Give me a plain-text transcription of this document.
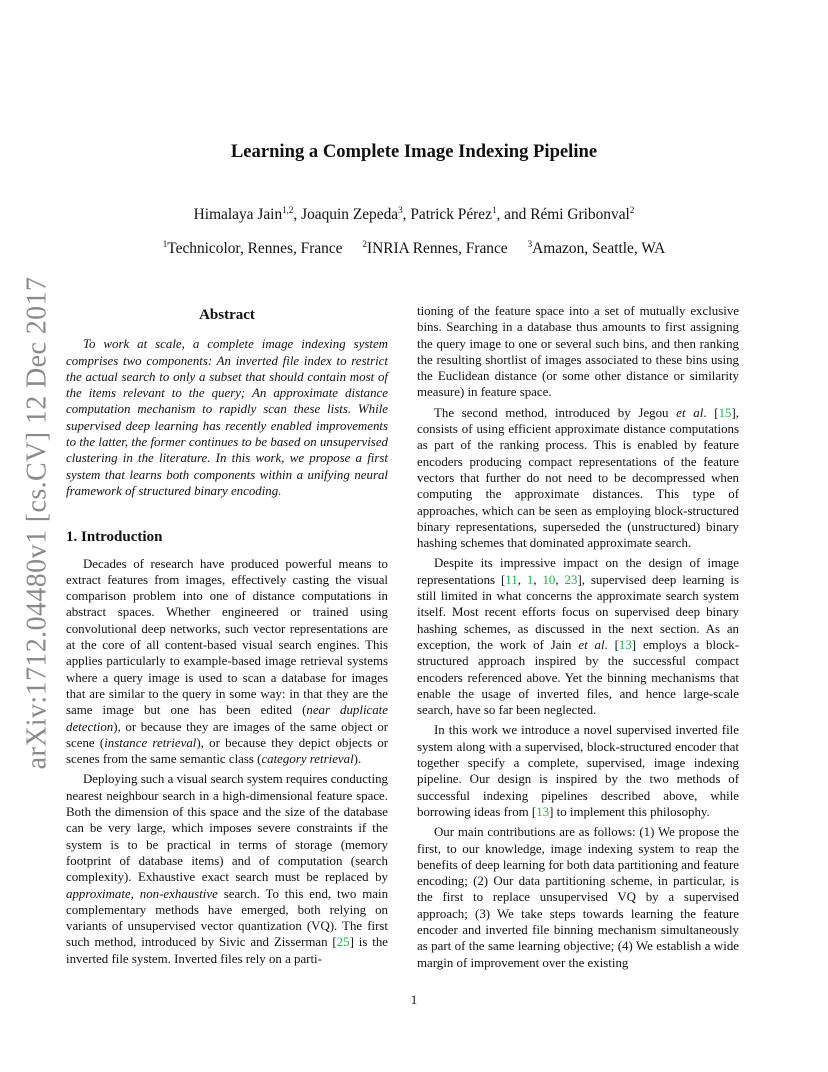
arXiv:1712.04480v1 [cs.CV] 12 Dec 2017
Learning a Complete Image Indexing Pipeline
Himalaya Jain$^{1,2}$, Joaquin Zepeda$^3$, Patrick Pérez$^1$, and Rémi Gribonval$^2$
$^1$Technicolor, Rennes, France $^2$INRIA Rennes, France $^3$Amazon, Seattle, WA
Abstract

To work at scale, a complete image indexing system comprises two components: An inverted file index to restrict the actual search to only a subset that should contain most of the items relevant to the query; An approximate distance computation mechanism to rapidly scan these lists. While supervised deep learning has recently enabled improvements to the latter, the former continues to be based on unsupervised clustering in the literature. In this work, we propose a first system that learns both components within a unifying neural framework of structured binary encoding.

1. Introduction

Decades of research have produced powerful means to extract features from images, effectively casting the visual comparison problem into one of distance computations in abstract spaces. Whether engineered or trained using convolutional deep networks, such vector representations are at the core of all content-based visual search engines. This applies particularly to example-based image retrieval systems where a query image is used to scan a database for images that are similar to the query in some way: in that they are the same image but one has been edited (near duplicate detection), or because they are images of the same object or scene (instance retrieval), or because they depict objects or scenes from the same semantic class (category retrieval).

Deploying such a visual search system requires conducting nearest neighbour search in a high-dimensional feature space. Both the dimension of this space and the size of the database can be very large, which imposes severe constraints if the system is to be practical in terms of storage (memory footprint of database items) and of computation (search complexity). Exhaustive exact search must be replaced by approximate, non-exhaustive search. To this end, two main complementary methods have emerged, both relying on variants of unsupervised vector quantization (VQ). The first such method, introduced by Sivic and Zisserman [25] is the inverted file system. Inverted files rely on a parti-

tioning of the feature space into a set of mutually exclusive bins. Searching in a database thus amounts to first assigning the query image to one or several such bins, and then ranking the resulting shortlist of images associated to these bins using the Euclidean distance (or some other distance or similarity measure) in feature space.

The second method, introduced by Jegou et al. [15], consists of using efficient approximate distance computations as part of the ranking process. This is enabled by feature encoders producing compact representations of the feature vectors that further do not need to be decompressed when computing the approximate distances. This type of approaches, which can be seen as employing block-structured binary representations, superseded the (unstructured) binary hashing schemes that dominated approximate search.

Despite its impressive impact on the design of image representations [11, 1, 10, 23], supervised deep learning is still limited in what concerns the approximate search system itself. Most recent efforts focus on supervised deep binary hashing schemes, as discussed in the next section. As an exception, the work of Jain et al. [13] employs a block-structured approach inspired by the successful compact encoders referenced above. Yet the binning mechanisms that enable the usage of inverted files, and hence large-scale search, have so far been neglected.

In this work we introduce a novel supervised inverted file system along with a supervised, block-structured encoder that together specify a complete, supervised, image indexing pipeline. Our design is inspired by the two methods of successful indexing pipelines described above, while borrowing ideas from [13] to implement this philosophy.

Our main contributions are as follows: (1) We propose the first, to our knowledge, image indexing system to reap the benefits of deep learning for both data partitioning and feature encoding; (2) Our data partitioning scheme, in particular, is the first to replace unsupervised VQ by a supervised approach; (3) We take steps towards learning the feature encoder and inverted file binning mechanism simultaneously as part of the same learning objective; (4) We establish a wide margin of improvement over the existing

1
